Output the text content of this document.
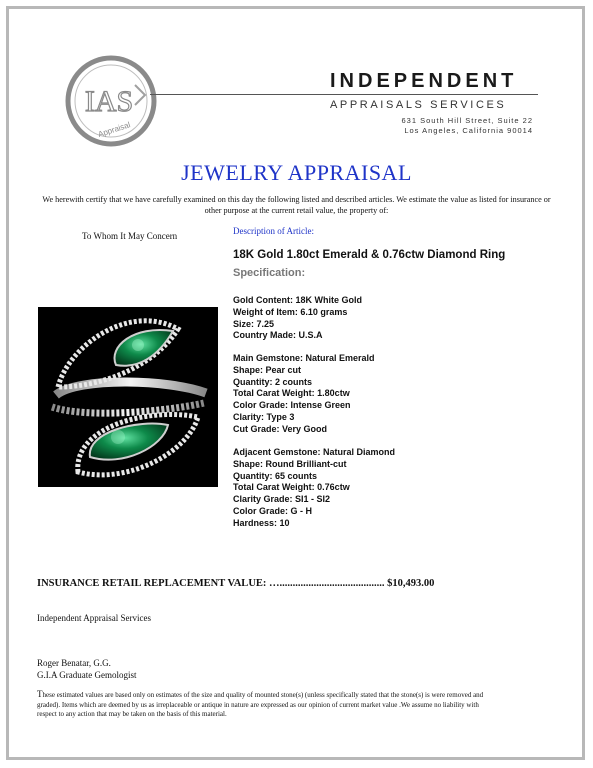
IAS
Appraisal
INDEPENDENT
APPRAISALS SERVICES
631 South Hill Street, Suite 22
Los Angeles, California 90014
JEWELRY APPRAISAL
We herewith certify that we have carefully examined on this day the following listed and described articles. We estimate the value as listed for insurance or other purpose at the current retail value, the property of:
To Whom It May Concern	Description of Article:
18K Gold 1.80ct Emerald & 0.76ctw Diamond Ring
Specification:
Gold Content: 18K White Gold
Weight of Item: 6.10 grams
Size: 7.25
Country Made: U.S.A
Main Gemstone: Natural Emerald
Shape: Pear cut
Quantity: 2 counts
Total Carat Weight: 1.80ctw
Color Grade: Intense Green
Clarity: Type 3
Cut Grade: Very Good
Adjacent Gemstone: Natural Diamond
Shape: Round Brilliant-cut
Quantity: 65 counts
Total Carat Weight: 0.76ctw
Clarity Grade: SI1 - SI2
Color Grade: G - H
Hardness: 10
INSURANCE RETAIL REPLACEMENT VALUE: …........................................ $10,493.00
Independent Appraisal Services
Roger Benatar, G.G.
G.I.A Graduate Gemologist
These estimated values are based only on estimates of the size and quality of mounted stone(s) (unless specifically stated that the stone(s) is were removed and graded). Items which are deemed by us as irreplaceable or antique in nature are expressed as our opinion of current market value .We assume no liability with respect to any action that may be taken on the basis of this material.
